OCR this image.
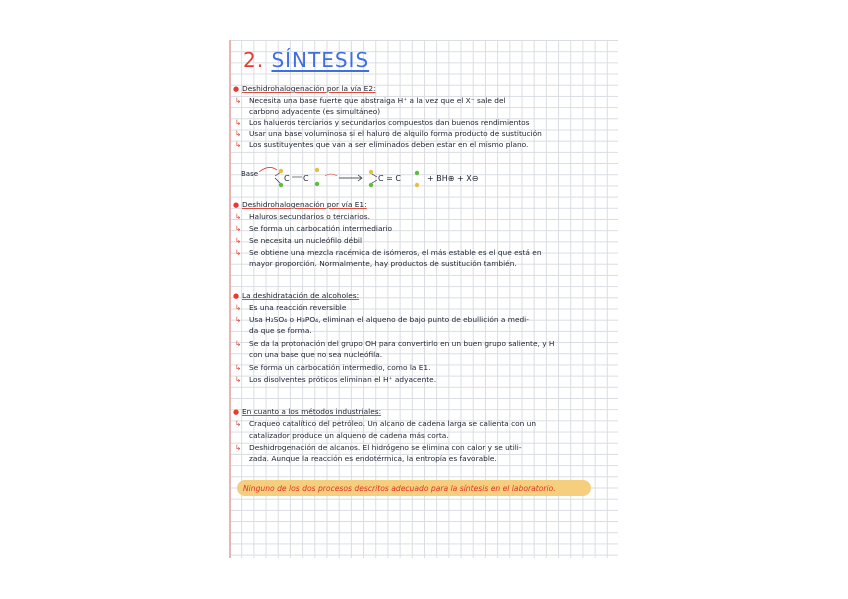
2. SÍNTESIS
● Deshidrohalogenación por la vía E2:
↳ Necesita una base fuerte que abstraiga H⁺ a la vez que el X⁻ sale del
carbono adyacente (es simultáneo)
↳ Los halueros terciarios y secundarios compuestos dan buenos rendimientos
↳ Usar una base voluminosa si el haluro de alquilo forma producto de sustitución
↳ Los sustituyentes que van a ser eliminados deben estar en el mismo plano.
Base	C C	C = C	+ BH⊕ + X⊖
● Deshidrohalogenación por vía E1:
↳ Haluros secundarios o terciarios.
↳ Se forma un carbocatión intermediario
↳ Se necesita un nucleófilo débil
↳ Se obtiene una mezcla racémica de isómeros, el más estable es el que está en
mayor proporción. Normalmente, hay productos de sustitución también.
● La deshidratación de alcoholes:
↳ Es una reacción reversible
↳ Usa H₂SO₄ o H₃PO₄, eliminan el alqueno de bajo punto de ebullición a medi-
da que se forma.
↳ Se da la protonación del grupo OH para convertirlo en un buen grupo saliente, y H
con una base que no sea nucleófila.
↳ Se forma un carbocatión intermedio, como la E1.
↳ Los disolventes próticos eliminan el H⁺ adyacente.
● En cuanto a los métodos industriales:
↳ Craqueo catalítico del petróleo. Un alcano de cadena larga se calienta con un
catalizador produce un alqueno de cadena más corta.
↳ Deshidrogenación de alcanos. El hidrógeno se elimina con calor y se utili-
zada. Aunque la reacción es endotérmica, la entropía es favorable.
Ninguno de los dos procesos descritos adecuado para la síntesis en el laboratorio.
